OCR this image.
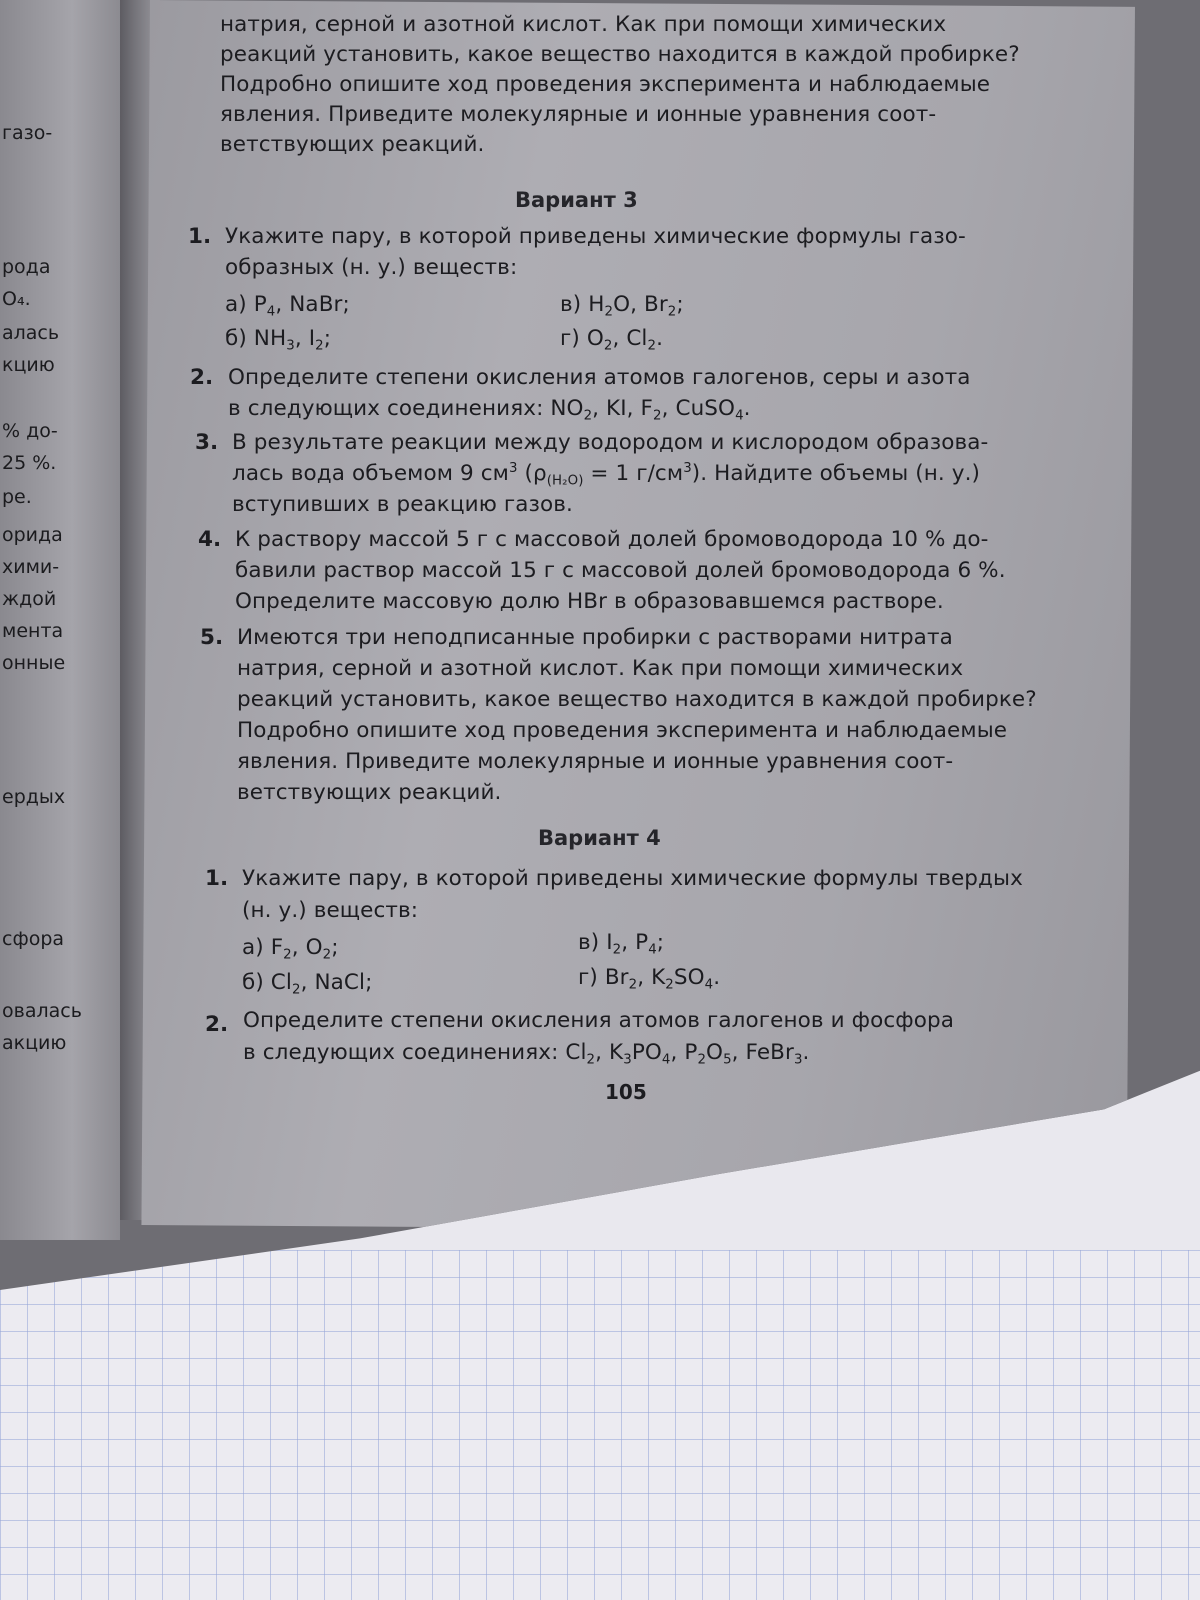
газо-
рода
O₄.
алась
кцию
% до-
25 %.
ре.
орида
хими-
ждой
мента
онные
ердых
сфора
овалась
акцию
натрия, серной и азотной кислот. Как при помощи химических
реакций установить, какое вещество находится в каждой пробирке?
Подробно опишите ход проведения эксперимента и наблюдаемые
явления. Приведите молекулярные и ионные уравнения соот-
ветствующих реакций.
Вариант 3
1. Укажите пару, в которой приведены химические формулы газо-
образных (н. у.) веществ:
а) $P_4$, NaBr;	в) $H_2O$, $Br_2$;
б) $NH_3$, $I_2$;	г) $O_2$, $Cl_2$.
2. Определите степени окисления атомов галогенов, серы и азота
в следующих соединениях: $NO_2$, KI, $F_2$, CuSO$_4$.
3. В результате реакции между водородом и кислородом образова-
лась вода объемом 9 $см^3$ ($\rho_{(H_2O)} = 1$ $г/см^3$). Найдите объемы (н. у.)
вступивших в реакцию газов.
4. К раствору массой 5 г с массовой долей бромоводорода 10 % до-
бавили раствор массой 15 г с массовой долей бромоводорода 6 %.
Определите массовую долю HBr в образовавшемся растворе.
5. Имеются три неподписанные пробирки с растворами нитрата
натрия, серной и азотной кислот. Как при помощи химических
реакций установить, какое вещество находится в каждой пробирке?
Подробно опишите ход проведения эксперимента и наблюдаемые
явления. Приведите молекулярные и ионные уравнения соот-
ветствующих реакций.
Вариант 4
1. Укажите пару, в которой приведены химические формулы твердых
(н. у.) веществ:
а) $F_2$, $O_2$;	в) $I_2$, $P_4$;
б) $Cl_2$, NaCl;	г) $Br_2$, $K_2SO_4$.
2. Определите степени окисления атомов галогенов и фосфора
в следующих соединениях: $Cl_2$, $K_3PO_4$, $P_2O_5$, FeBr$_3$.
105
